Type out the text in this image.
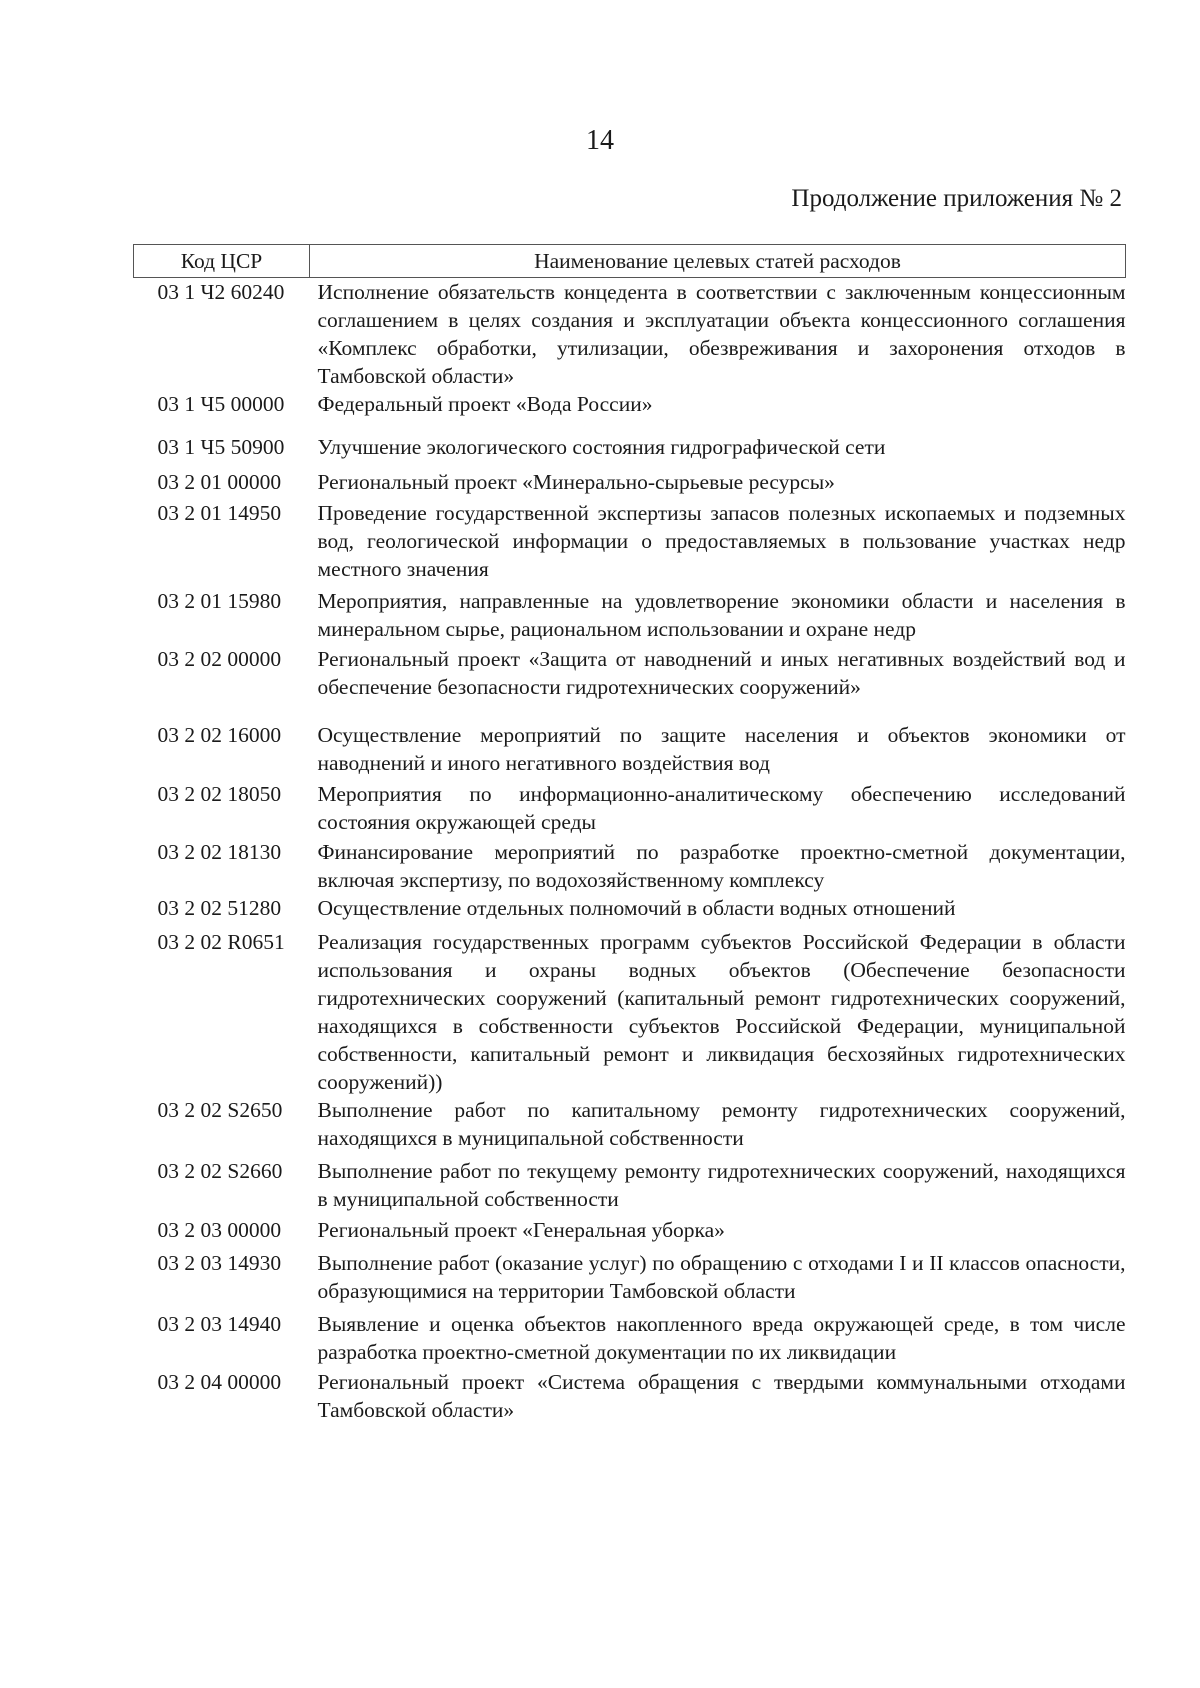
14
Продолжение приложения № 2
Код ЦСР	Наименование целевых статей расходов
03 1 Ч2 60240	Исполнение обязательств концедента в соответствии с заключенным концессионным соглашением в целях создания и эксплуатации объекта концессионного соглашения «Комплекс обработки, утилизации, обезвреживания и захоронения отходов в Тамбовской области»
03 1 Ч5 00000	Федеральный проект «Вода России»
03 1 Ч5 50900	Улучшение экологического состояния гидрографической сети
03 2 01 00000	Региональный проект «Минерально-сырьевые ресурсы»
03 2 01 14950	Проведение государственной экспертизы запасов полезных ископаемых и подземных вод, геологической информации о предоставляемых в пользование участках недр местного значения
03 2 01 15980	Мероприятия, направленные на удовлетворение экономики области и населения в минеральном сырье, рациональном использовании и охране недр
03 2 02 00000	Региональный проект «Защита от наводнений и иных негативных воздействий вод и обеспечение безопасности гидротехнических сооружений»
03 2 02 16000	Осуществление мероприятий по защите населения и объектов экономики от наводнений и иного негативного воздействия вод
03 2 02 18050	Мероприятия по информационно-аналитическому обеспечению исследований состояния окружающей среды
03 2 02 18130	Финансирование мероприятий по разработке проектно-сметной документации, включая экспертизу, по водохозяйственному комплексу
03 2 02 51280	Осуществление отдельных полномочий в области водных отношений
03 2 02 R0651	Реализация государственных программ субъектов Российской Федерации в области использования и охраны водных объектов (Обеспечение безопасности гидротехнических сооружений (капитальный ремонт гидротехнических сооружений, находящихся в собственности субъектов Российской Федерации, муниципальной собственности, капитальный ремонт и ликвидация бесхозяйных гидротехнических сооружений))
03 2 02 S2650	Выполнение работ по капитальному ремонту гидротехнических сооружений, находящихся в муниципальной собственности
03 2 02 S2660	Выполнение работ по текущему ремонту гидротехнических сооружений, находящихся в муниципальной собственности
03 2 03 00000	Региональный проект «Генеральная уборка»
03 2 03 14930	Выполнение работ (оказание услуг) по обращению с отходами I и II классов опасности, образующимися на территории Тамбовской области
03 2 03 14940	Выявление и оценка объектов накопленного вреда окружающей среде, в том числе разработка проектно-сметной документации по их ликвидации
03 2 04 00000	Региональный проект «Система обращения с твердыми коммунальными отходами Тамбовской области»
